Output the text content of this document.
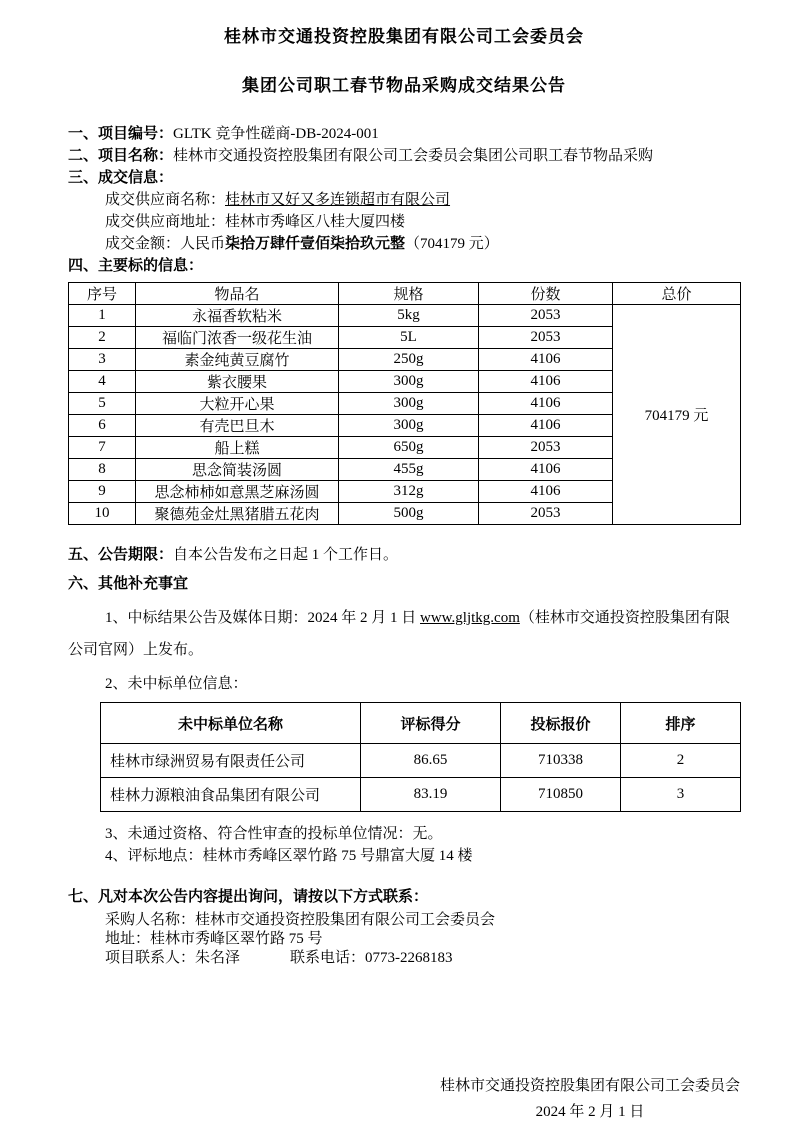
桂林市交通投资控股集团有限公司工会委员会
集团公司职工春节物品采购成交结果公告
一、项目编号：GLTK 竞争性磋商-DB-2024-001
二、项目名称：桂林市交通投资控股集团有限公司工会委员会集团公司职工春节物品采购
三、成交信息：
成交供应商名称：桂林市又好又多连锁超市有限公司
成交供应商地址：桂林市秀峰区八桂大厦四楼
成交金额：人民币柒拾万肆仟壹佰柒拾玖元整（704179 元）
四、主要标的信息：
序号	物品名	规格	份数	总价
1	永福香软粘米	5kg	2053	704179 元
2	福临门浓香一级花生油	5L	2053	
3	素金纯黄豆腐竹	250g	4106	
4	紫衣腰果	300g	4106	
5	大粒开心果	300g	4106	
6	有壳巴旦木	300g	4106	
7	船上糕	650g	2053	
8	思念简装汤圆	455g	4106	
9	思念柿柿如意黑芝麻汤圆	312g	4106	
10	聚德苑金灶黑猪腊五花肉	500g	2053	
五、公告期限：自本公告发布之日起 1 个工作日。
六、其他补充事宜
1、中标结果公告及媒体日期：2024 年 2 月 1 日 www.gljtkg.com（桂林市交通投资控股集团有限公司官网）上发布。
2、未中标单位信息：
未中标单位名称	评标得分	投标报价	排序
桂林市绿洲贸易有限责任公司	86.65	710338	2
桂林力源粮油食品集团有限公司	83.19	710850	3
3、未通过资格、符合性审查的投标单位情况：无。
4、评标地点：桂林市秀峰区翠竹路 75 号鼎富大厦 14 楼
七、凡对本次公告内容提出询问，请按以下方式联系：
采购人名称：桂林市交通投资控股集团有限公司工会委员会
地址：桂林市秀峰区翠竹路 75 号
项目联系人：朱名泽	联系电话：0773-2268183
桂林市交通投资控股集团有限公司工会委员会
2024 年 2 月 1 日
